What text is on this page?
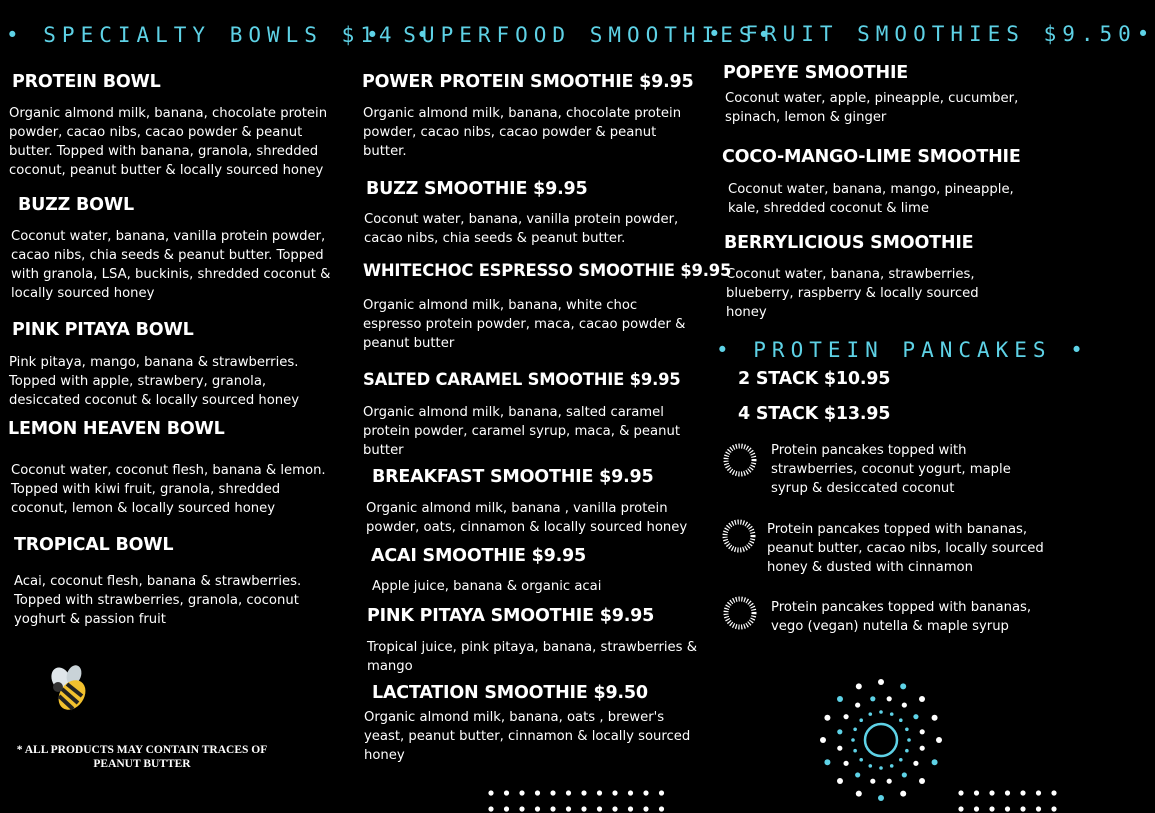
• SPECIALTY BOWLS $14 •
PROTEIN BOWL
Organic almond milk, banana, chocolate protein powder, cacao nibs, cacao powder & peanut butter. Topped with banana, granola, shredded coconut, peanut butter & locally sourced honey
BUZZ BOWL
Coconut water, banana, vanilla protein powder, cacao nibs, chia seeds & peanut butter. Topped with granola, LSA, buckinis, shredded coconut & locally sourced honey
PINK PITAYA BOWL
Pink pitaya, mango, banana & strawberries. Topped with apple, strawbery, granola, desiccated coconut & locally sourced honey
LEMON HEAVEN BOWL
Coconut water, coconut flesh, banana & lemon. Topped with kiwi fruit, granola, shredded coconut, lemon & locally sourced honey
TROPICAL BOWL
Acai, coconut flesh, banana & strawberries. Topped with strawberries, granola, coconut yoghurt & passion fruit
* ALL PRODUCTS MAY CONTAIN TRACES OF PEANUT BUTTER
• SUPERFOOD SMOOTHIES•
POWER PROTEIN SMOOTHIE $9.95
Organic almond milk, banana, chocolate protein powder, cacao nibs, cacao powder & peanut butter.
BUZZ SMOOTHIE $9.95
Coconut water, banana, vanilla protein powder, cacao nibs, chia seeds & peanut butter.
WHITECHOC ESPRESSO SMOOTHIE $9.95
Organic almond milk, banana, white choc espresso protein powder, maca, cacao powder & peanut butter
SALTED CARAMEL SMOOTHIE $9.95
Organic almond milk, banana, salted caramel protein powder, caramel syrup, maca, & peanut butter
BREAKFAST SMOOTHIE $9.95
Organic almond milk, banana , vanilla protein powder, oats, cinnamon & locally sourced honey
ACAI SMOOTHIE $9.95
Apple juice, banana & organic acai
PINK PITAYA SMOOTHIE $9.95
Tropical juice, pink pitaya, banana, strawberries & mango
LACTATION SMOOTHIE $9.50
Organic almond milk, banana, oats , brewer's yeast, peanut butter, cinnamon & locally sourced honey
• FRUIT SMOOTHIES $9.50•
POPEYE SMOOTHIE
Coconut water, apple, pineapple, cucumber, spinach, lemon & ginger
COCO-MANGO-LIME SMOOTHIE
Coconut water, banana, mango, pineapple, kale, shredded coconut & lime
BERRYLICIOUS SMOOTHIE
Coconut water, banana, strawberries, blueberry, raspberry & locally sourced honey
• PROTEIN PANCAKES •
2 STACK $10.95
4 STACK $13.95
Protein pancakes topped with strawberries, coconut yogurt, maple syrup & desiccated coconut
Protein pancakes topped with bananas, peanut butter, cacao nibs, locally sourced honey & dusted with cinnamon
Protein pancakes topped with bananas, vego (vegan) nutella & maple syrup
